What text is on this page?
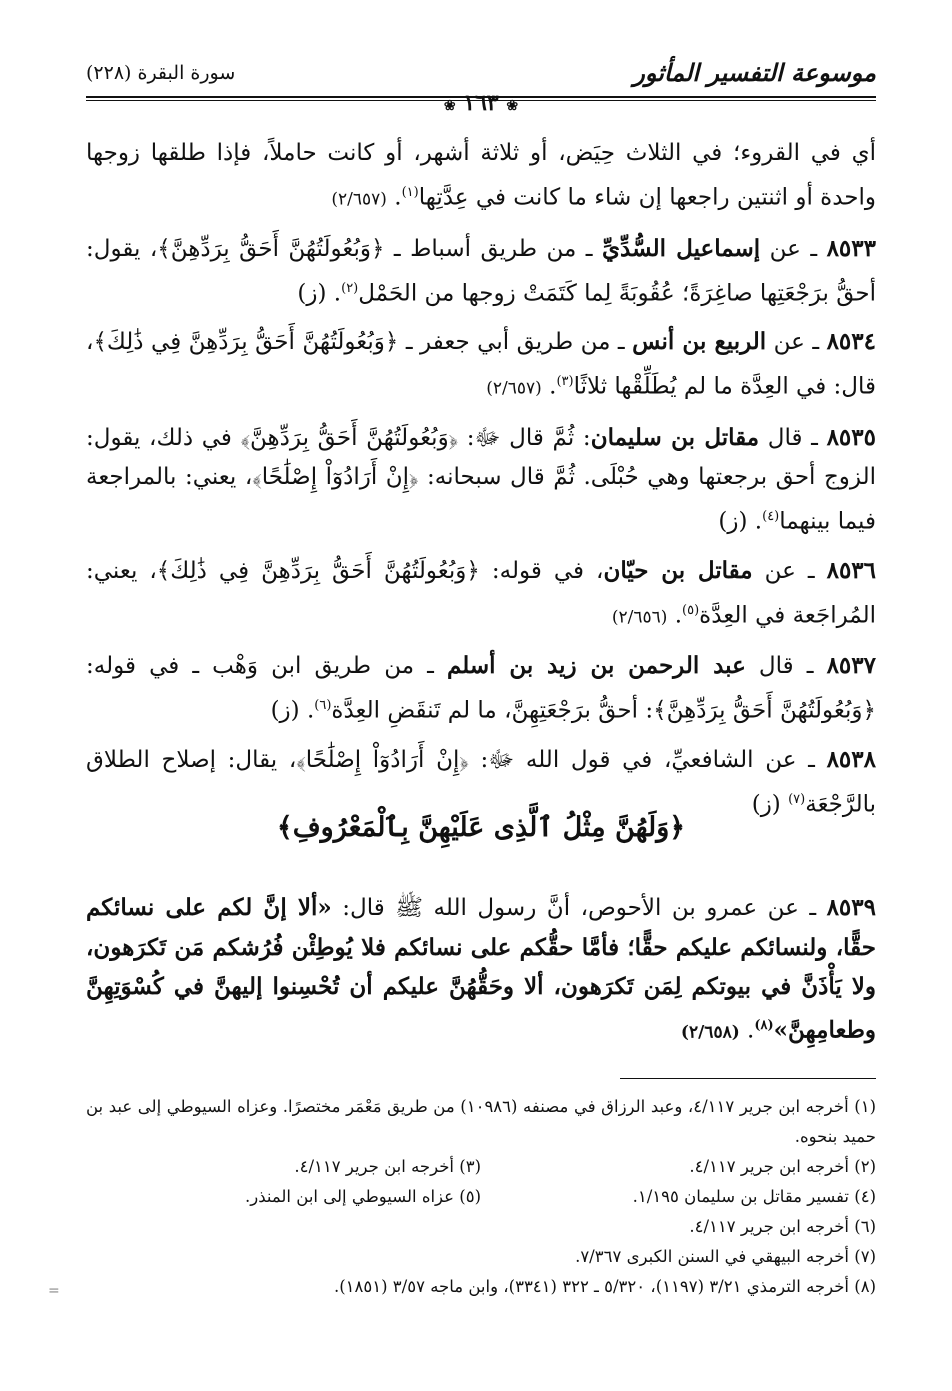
موسوعة التفسير المأثور
سورة البقرة (٢٢٨)
❀ ١٦٣ ❀

أي في القروء؛ في الثلاث حِيَض، أو ثلاثة أشهر، أو كانت حاملاً، فإذا طلقها زوجها واحدة أو اثنتين راجعها إن شاء ما كانت في عِدَّتِها$^{(١)}$. (٢/٦٥٧)

٨٥٣٣ ـ عن إسماعيل السُّدِّيِّ ـ من طريق أسباط ـ ﴿وَبُعُولَتُهُنَّ أَحَقُّ بِرَدِّهِنَّ﴾، يقول: أحقُّ برَجْعَتِها صاغِرَةً؛ عُقُوبَةً لِما كَتَمَتْ زوجها من الحَمْل$^{(٢)}$. (ز)

٨٥٣٤ ـ عن الربيع بن أنس ـ من طريق أبي جعفر ـ ﴿وَبُعُولَتُهُنَّ أَحَقُّ بِرَدِّهِنَّ فِي ذَٰلِكَ﴾، قال: في العِدَّة ما لم يُطَلِّقْها ثلاثًا$^{(٣)}$. (٢/٦٥٧)

٨٥٣٥ ـ قال مقاتل بن سليمان: ثُمَّ قال ﷻ: ﴿وَبُعُولَتُهُنَّ أَحَقُّ بِرَدِّهِنَّ﴾ في ذلك، يقول: الزوج أحق برجعتها وهي حُبْلَى. ثُمَّ قال سبحانه: ﴿إِنْ أَرَادُوٓاْ إِصْلَٰحًا﴾، يعني: بالمراجعة فيما بينهما$^{(٤)}$. (ز)

٨٥٣٦ ـ عن مقاتل بن حيّان، في قوله: ﴿وَبُعُولَتُهُنَّ أَحَقُّ بِرَدِّهِنَّ فِي ذَٰلِكَ﴾، يعني: المُراجَعة في العِدَّة$^{(٥)}$. (٢/٦٥٦)

٨٥٣٧ ـ قال عبد الرحمن بن زيد بن أسلم ـ من طريق ابن وَهْب ـ في قوله: ﴿وَبُعُولَتُهُنَّ أَحَقُّ بِرَدِّهِنَّ﴾: أحقُّ برَجْعَتِهِنَّ، ما لم تَنقَضِ العِدَّة$^{(٦)}$. (ز)

٨٥٣٨ ـ عن الشافعيِّ، في قول الله ﷻ: ﴿إِنْ أَرَادُوٓاْ إِصْلَٰحًا﴾، يقال: إصلاح الطلاق بالرَّجْعَة$^{(٧)}$ (ز)

﴿وَلَهُنَّ مِثْلُ ٱلَّذِى عَلَيْهِنَّ بِٱلْمَعْرُوفِ﴾

٨٥٣٩ ـ عن عمرو بن الأحوص، أنَّ رسول الله ﷺ قال: «ألا إنَّ لكم على نسائكم حقًّا، ولنسائكم عليكم حقًّا؛ فأمَّا حقُّكم على نسائكم فلا يُوطِئْن فُرُشكم مَن تَكرَهون، ولا يَأْذَنَّ في بيوتكم لِمَن تَكرَهون، ألا وحَقُّهُنَّ عليكم أن تُحْسِنوا إليهنَّ في كُسْوَتِهِنَّ وطعامِهِنَّ»$^{(٨)}$. (٢/٦٥٨)

(١) أخرجه ابن جرير ٤/١١٧، وعبد الرزاق في مصنفه (١٠٩٨٦) من طريق مَعْمَر مختصرًا. وعزاه السيوطي إلى عبد بن حميد بنحوه.
(٢) أخرجه ابن جرير ٤/١١٧.
(٣) أخرجه ابن جرير ٤/١١٧.
(٤) تفسير مقاتل بن سليمان ١/١٩٥.
(٥) عزاه السيوطي إلى ابن المنذر.
(٦) أخرجه ابن جرير ٤/١١٧.
(٧) أخرجه البيهقي في السنن الكبرى ٧/٣٦٧.
(٨) أخرجه الترمذي ٣/٢١ (١١٩٧)، ٥/٣٢٠ ـ ٣٢٢ (٣٣٤١)، وابن ماجه ٣/٥٧ (١٨٥١).
=
